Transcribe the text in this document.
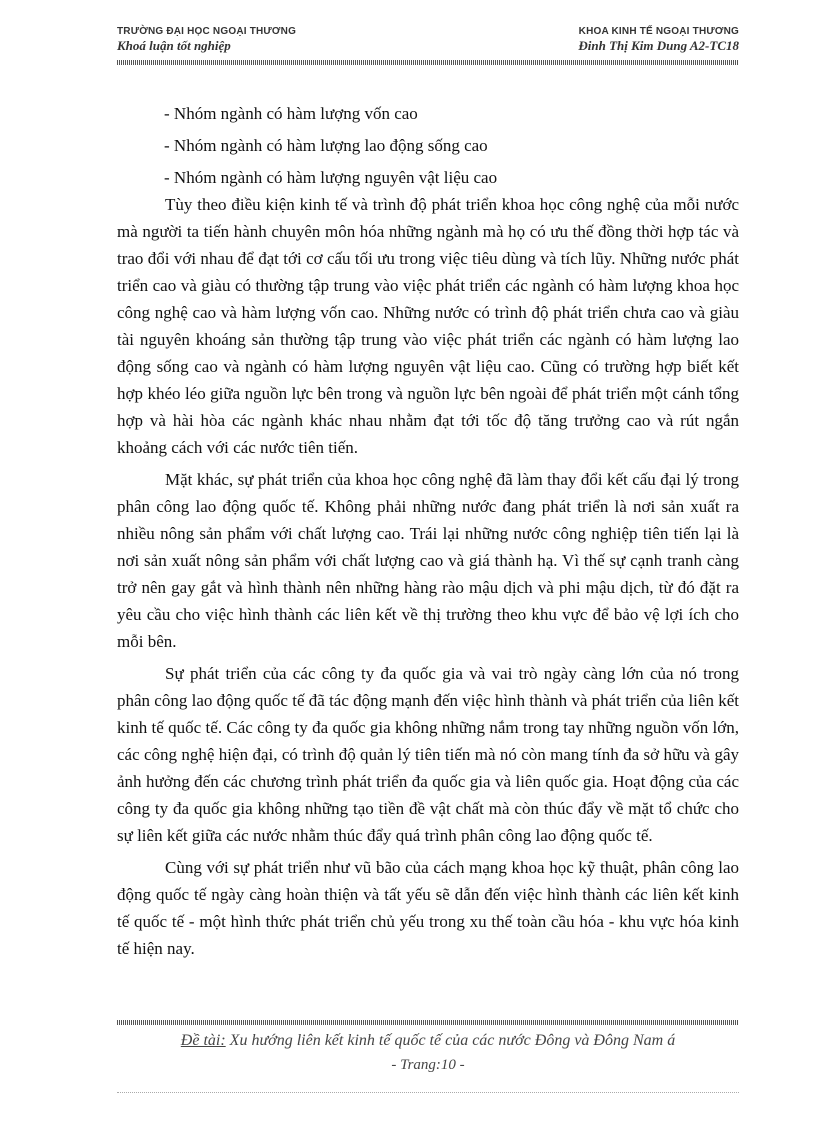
TRƯỜNG ĐẠI HỌC NGOẠI THƯƠNG
Khoá luận tốt nghiệp
KHOA KINH TẾ NGOẠI THƯƠNG
Đinh Thị Kim Dung A2-TC18

- Nhóm ngành có hàm lượng vốn cao

- Nhóm ngành có hàm lượng lao động sống cao

- Nhóm ngành có hàm lượng nguyên vật liệu cao

Tùy theo điều kiện kinh tế và trình độ phát triển khoa học công nghệ của mỗi nước mà người ta tiến hành chuyên môn hóa những ngành mà họ có ưu thế đồng thời hợp tác và trao đổi với nhau để đạt tới cơ cấu tối ưu trong việc tiêu dùng và tích lũy. Những nước phát triển cao và giàu có thường tập trung vào việc phát triển các ngành có hàm lượng khoa học công nghệ cao và hàm lượng vốn cao. Những nước có trình độ phát triển chưa cao và giàu tài nguyên khoáng sản thường tập trung vào việc phát triển các ngành có hàm lượng lao động sống cao và ngành có hàm lượng nguyên vật liệu cao. Cũng có trường hợp biết kết hợp khéo léo giữa nguồn lực bên trong và nguồn lực bên ngoài để phát triển một cánh tổng hợp và hài hòa các ngành khác nhau nhằm đạt tới tốc độ tăng trưởng cao và rút ngắn khoảng cách với các nước tiên tiến.

Mặt khác, sự phát triển của khoa học công nghệ đã làm thay đổi kết cấu đại lý trong phân công lao động quốc tế. Không phải những nước đang phát triển là nơi sản xuất ra nhiều nông sản phẩm với chất lượng cao. Trái lại những nước công nghiệp tiên tiến lại là nơi sản xuất nông sản phẩm với chất lượng cao và giá thành hạ. Vì thế sự cạnh tranh càng trở nên gay gắt và hình thành nên những hàng rào mậu dịch và phi mậu dịch, từ đó đặt ra yêu cầu cho việc hình thành các liên kết về thị trường theo khu vực để bảo vệ lợi ích cho mỗi bên.

Sự phát triển của các công ty đa quốc gia và vai trò ngày càng lớn của nó trong phân công lao động quốc tế đã tác động mạnh đến việc hình thành và phát triển của liên kết kinh tế quốc tế. Các công ty đa quốc gia không những nắm trong tay những nguồn vốn lớn, các công nghệ hiện đại, có trình độ quản lý tiên tiến mà nó còn mang tính đa sở hữu và gây ảnh hưởng đến các chương trình phát triển đa quốc gia và liên quốc gia. Hoạt động của các công ty đa quốc gia không những tạo tiền đề vật chất mà còn thúc đẩy về mặt tổ chức cho sự liên kết giữa các nước nhằm thúc đẩy quá trình phân công lao động quốc tế.

Cùng với sự phát triển như vũ bão của cách mạng khoa học kỹ thuật, phân công lao động quốc tế ngày càng hoàn thiện và tất yếu sẽ dẫn đến việc hình thành các liên kết kinh tế quốc tế - một hình thức phát triển chủ yếu trong xu thế toàn cầu hóa - khu vực hóa kinh tế hiện nay.

Đề tài: Xu hướng liên kết kinh tế quốc tế của các nước Đông và Đông Nam á
- Trang:10 -
